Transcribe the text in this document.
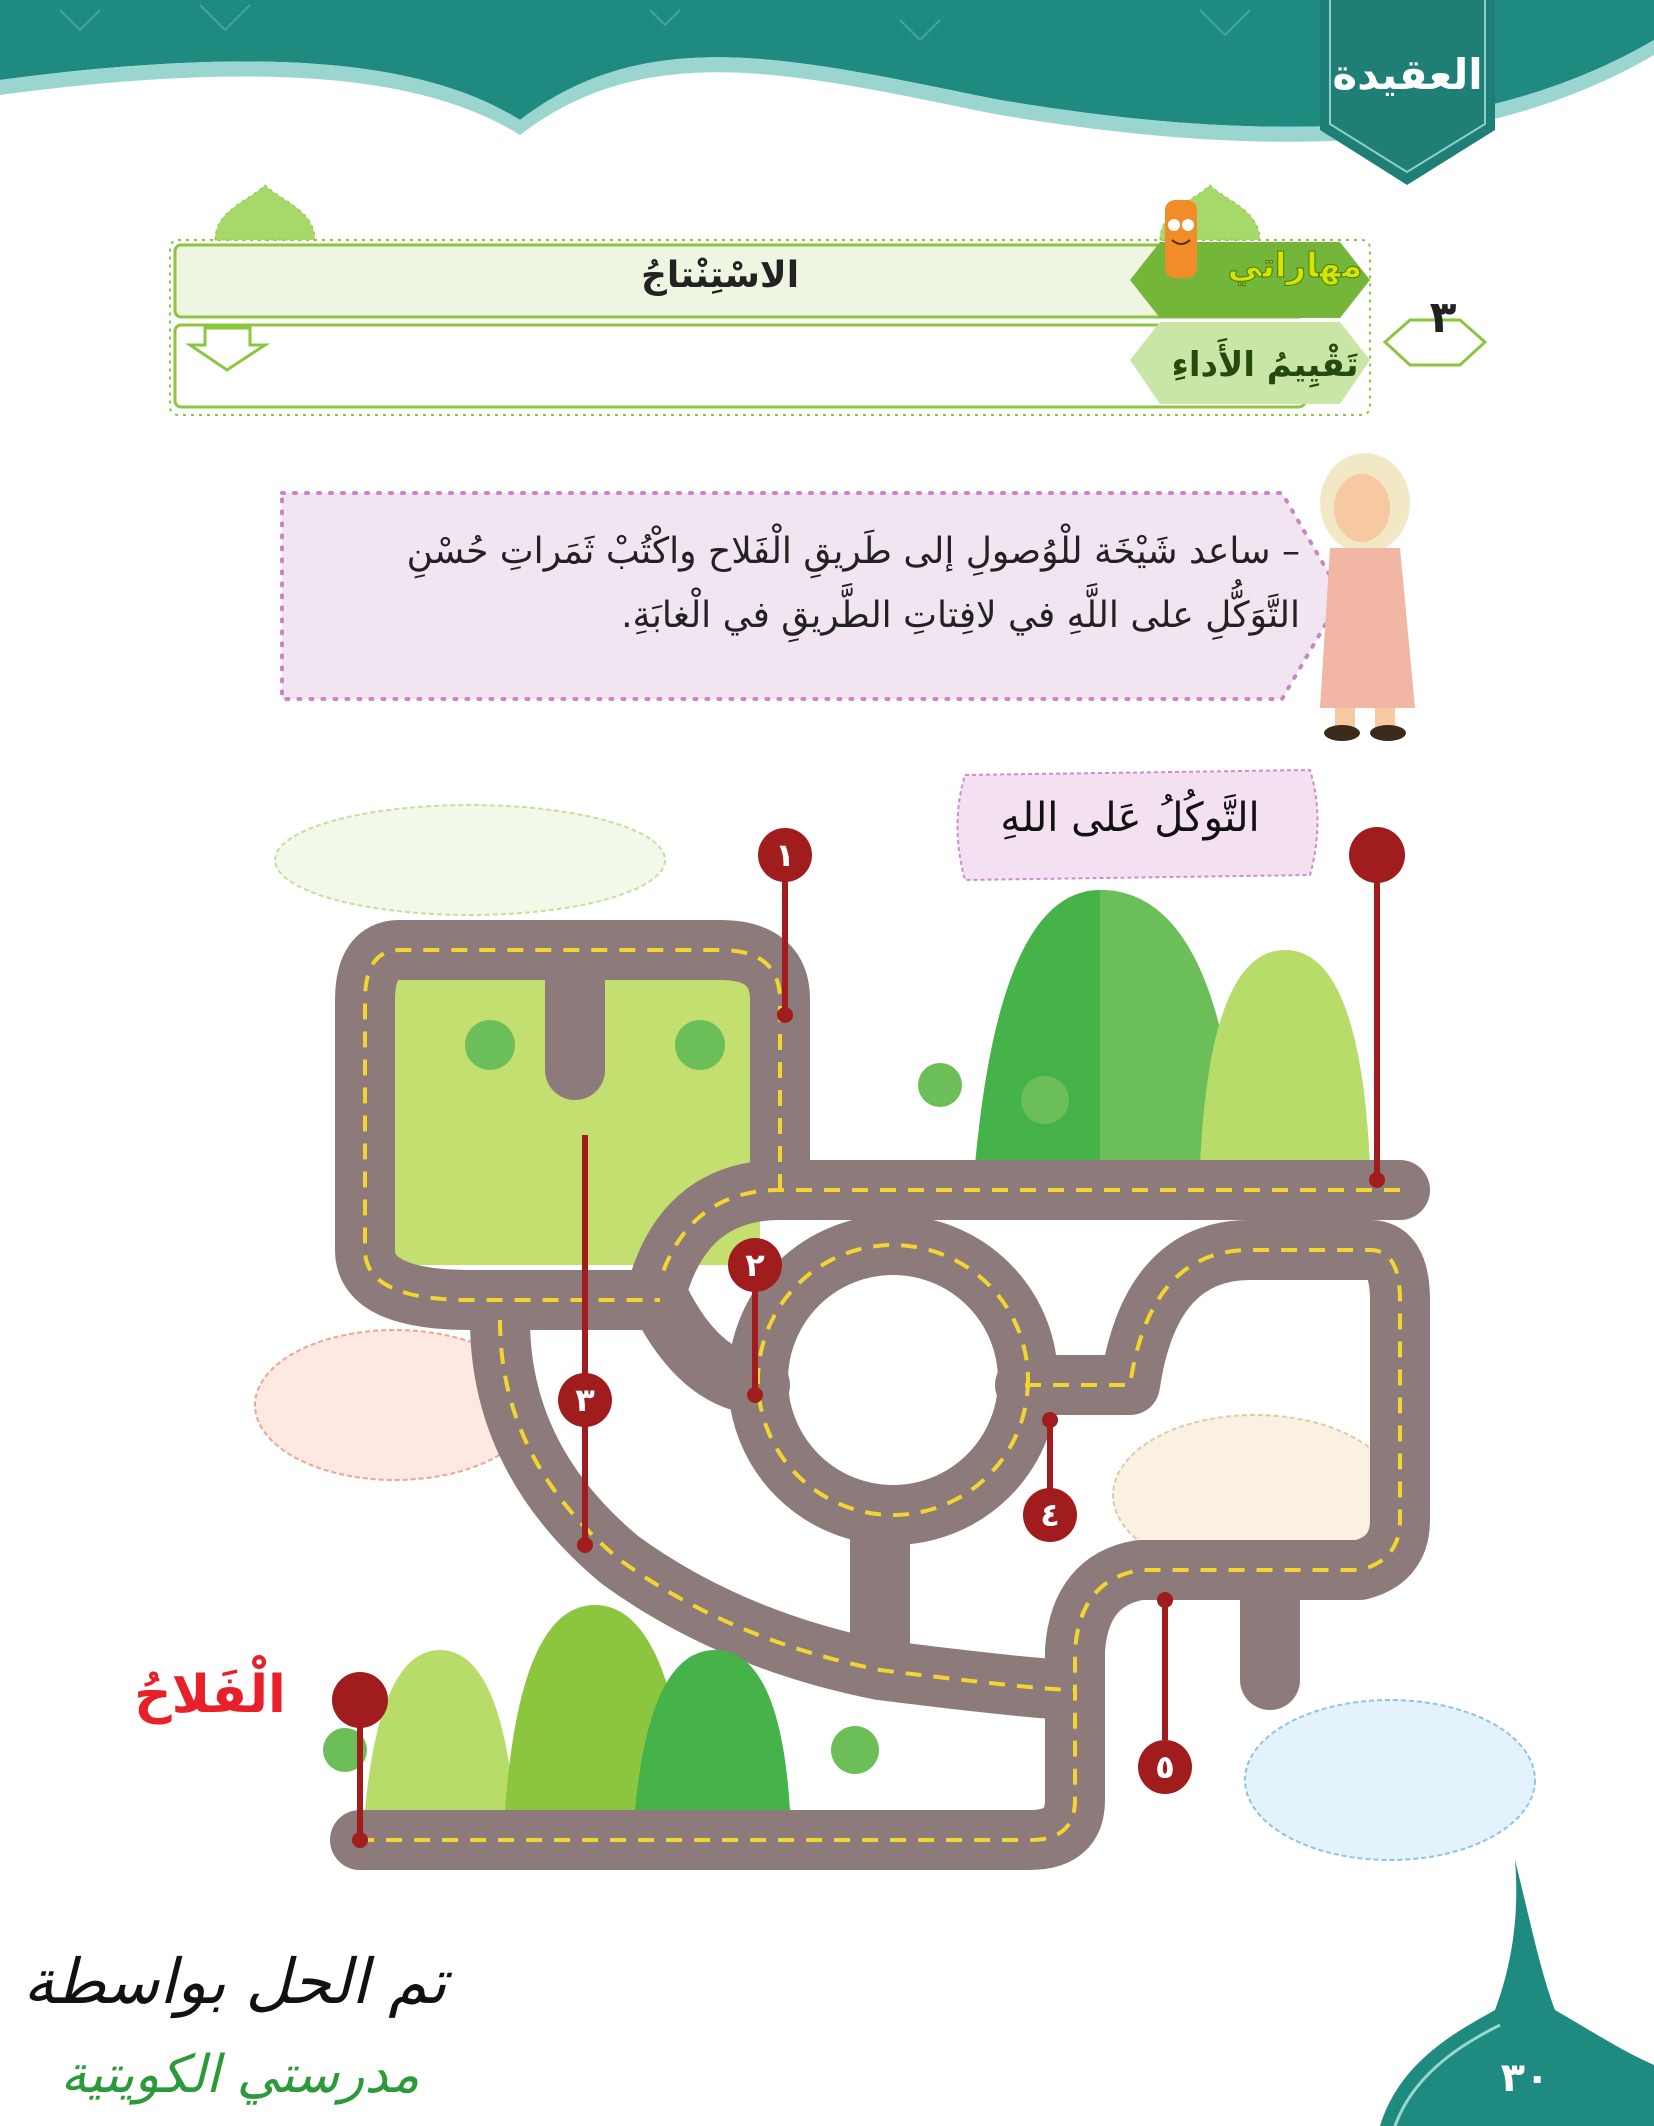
العقيدة
٣
مهاراتي
الاسْتِنْتاجُ
تَقْيِيمُ الأَداءِ
– ساعد شَيْخَة للْوُصولِ إلى طَريقِ الْفَلاح واكْتُبْ ثَمَراتِ حُسْنِ
التَّوَكُّلِ على اللَّهِ في لافِتاتِ الطَّريقِ في الْغابَةِ.
التَّوكُلُ عَلى اللهِ
١
٢
٣
٤
٥
الْفَلاحُ
تم الحل بواسطة
مدرستي الكويتية	٣٠
